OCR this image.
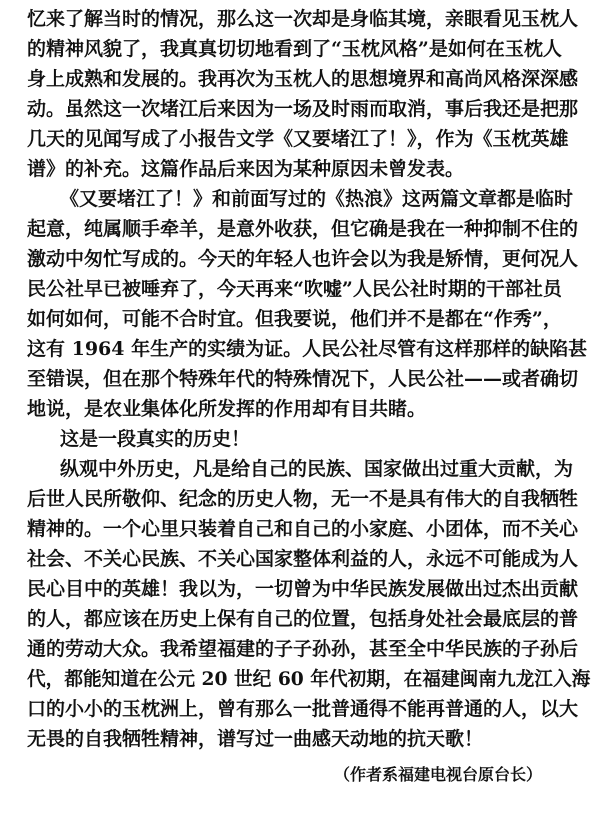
忆来了解当时的情况，那么这一次却是身临其境，亲眼看见玉枕人
的精神风貌了，我真真切切地看到了“玉枕风格”是如何在玉枕人
身上成熟和发展的。我再次为玉枕人的思想境界和高尚风格深深感
动。虽然这一次堵江后来因为一场及时雨而取消，事后我还是把那
几天的见闻写成了小报告文学《又要堵江了！》，作为《玉枕英雄
谱》的补充。这篇作品后来因为某种原因未曾发表。
《又要堵江了！》和前面写过的《热浪》这两篇文章都是临时
起意，纯属顺手牵羊，是意外收获，但它确是我在一种抑制不住的
激动中匆忙写成的。今天的年轻人也许会以为我是矫情，更何况人
民公社早已被唾弃了，今天再来“吹嘘”人民公社时期的干部社员
如何如何，可能不合时宜。但我要说，他们并不是都在“作秀”，
这有 1964 年生产的实绩为证。人民公社尽管有这样那样的缺陷甚
至错误，但在那个特殊年代的特殊情况下，人民公社——或者确切
地说，是农业集体化所发挥的作用却有目共睹。
这是一段真实的历史！
纵观中外历史，凡是给自己的民族、国家做出过重大贡献，为
后世人民所敬仰、纪念的历史人物，无一不是具有伟大的自我牺牲
精神的。一个心里只装着自己和自己的小家庭、小团体，而不关心
社会、不关心民族、不关心国家整体利益的人，永远不可能成为人
民心目中的英雄！我以为，一切曾为中华民族发展做出过杰出贡献
的人，都应该在历史上保有自己的位置，包括身处社会最底层的普
通的劳动大众。我希望福建的子子孙孙，甚至全中华民族的子孙后
代，都能知道在公元 20 世纪 60 年代初期，在福建闽南九龙江入海
口的小小的玉枕洲上，曾有那么一批普通得不能再普通的人，以大
无畏的自我牺牲精神，谱写过一曲感天动地的抗天歌！
（作者系福建电视台原台长）
